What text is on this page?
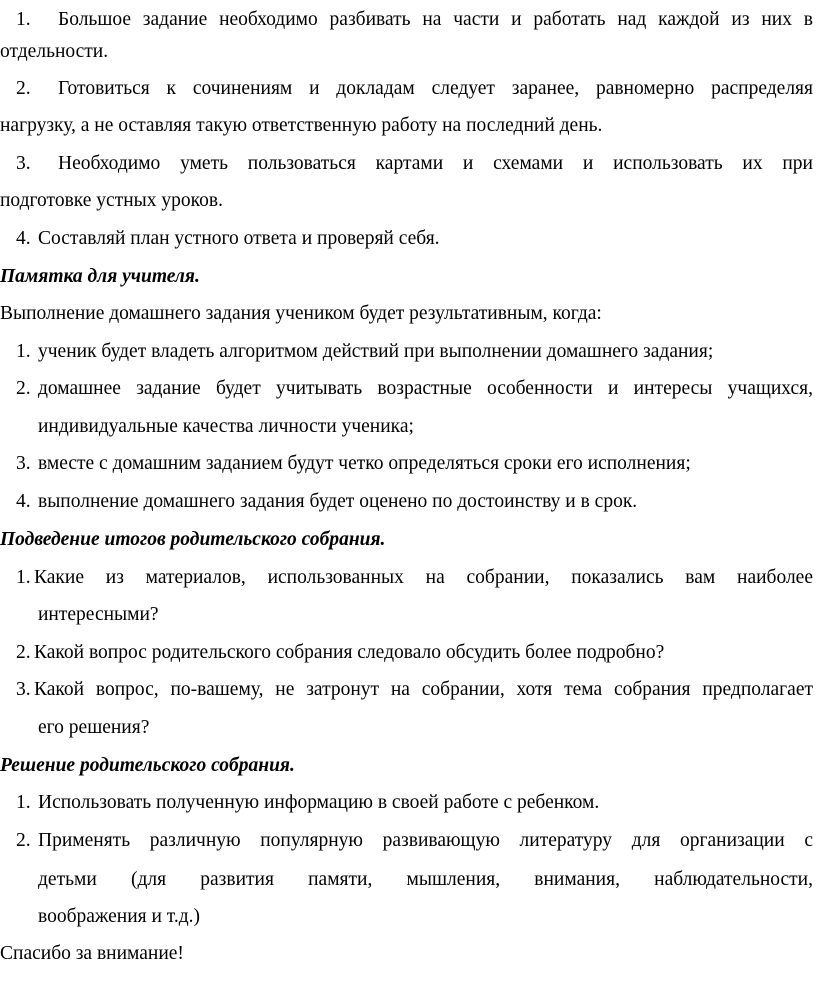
1. Большое задание необходимо разбивать на части и работать над каждой из них в
отдельности.
2. Готовиться к сочинениям и докладам следует заранее, равномерно распределяя
нагрузку, а не оставляя такую ответственную работу на последний день.
3. Необходимо уметь пользоваться картами и схемами и использовать их при
подготовке устных уроков.
4. Составляй план устного ответа и проверяй себя.
Памятка для учителя.
Выполнение домашнего задания учеником будет результативным, когда:
1. ученик будет владеть алгоритмом действий при выполнении домашнего задания;
2. домашнее задание будет учитывать возрастные особенности и интересы учащихся,
индивидуальные качества личности ученика;
3. вместе с домашним заданием будут четко определяться сроки его исполнения;
4. выполнение домашнего задания будет оценено по достоинству и в срок.
Подведение итогов родительского собрания.
1. Какие из материалов, использованных на собрании, показались вам наиболее
интересными?
2. Какой вопрос родительского собрания следовало обсудить более подробно?
3. Какой вопрос, по-вашему, не затронут на собрании, хотя тема собрания предполагает
его решения?
Решение родительского собрания.
1. Использовать полученную информацию в своей работе с ребенком.
2. Применять различную популярную развивающую литературу для организации с
детьми (для развития памяти, мышления, внимания, наблюдательности,
воображения и т.д.)
Спасибо за внимание!
